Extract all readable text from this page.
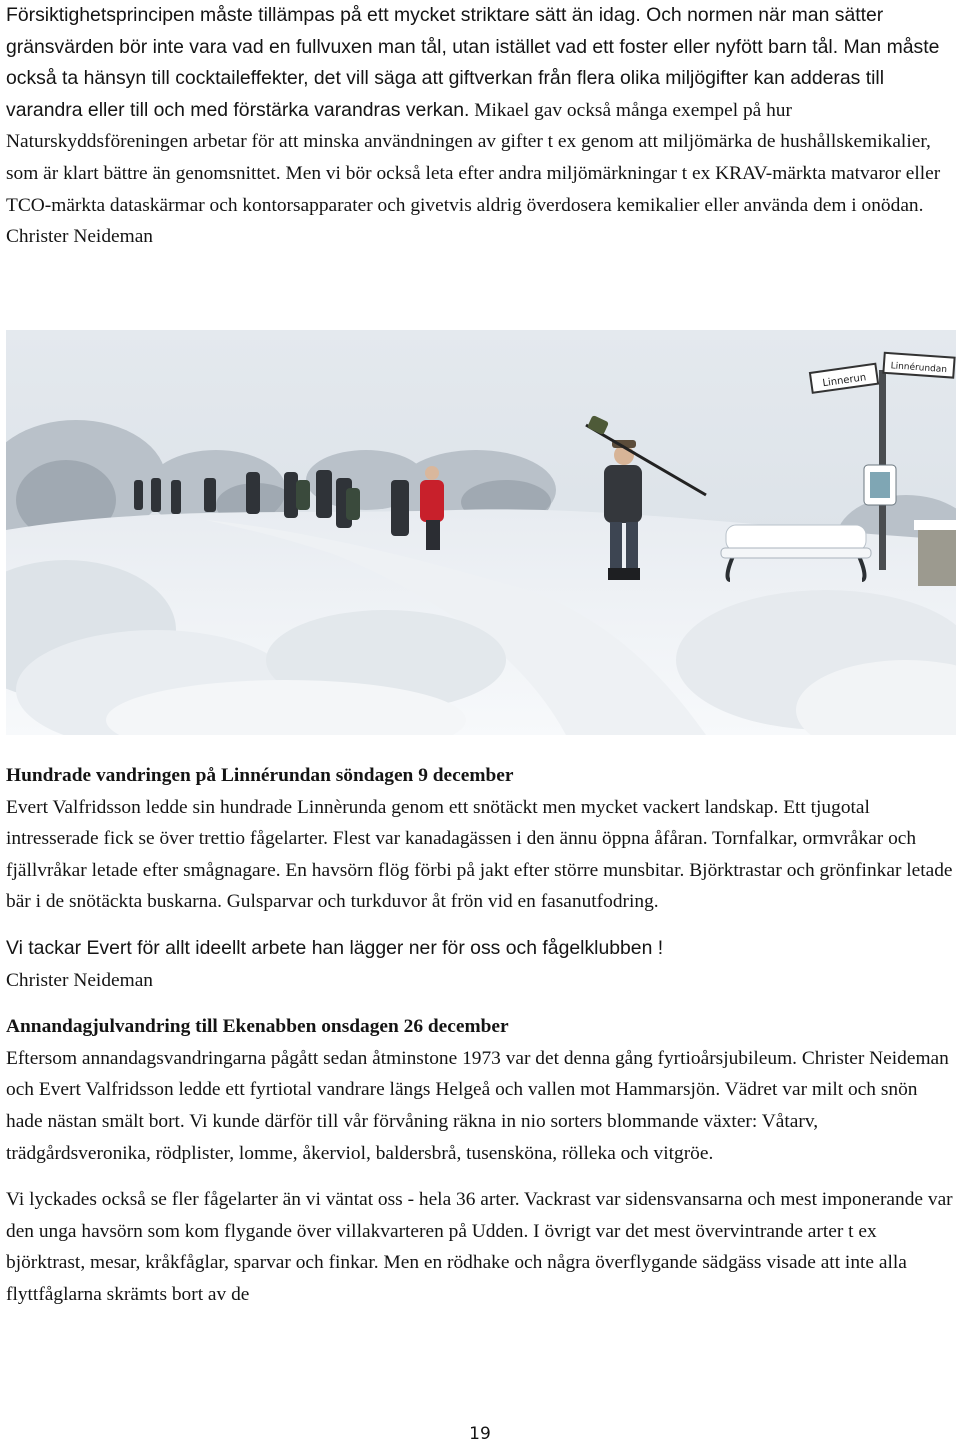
Försiktighetsprincipen måste tillämpas på ett mycket striktare sätt än idag. Och normen när man sätter gränsvärden bör inte vara vad en fullvuxen man tål, utan istället vad ett foster eller nyfött barn tål. Man måste också ta hänsyn till cocktaileffekter, det vill säga att giftverkan från flera olika miljögifter kan adderas till varandra eller till och med förstärka varandras verkan. Mikael gav också många exempel på hur Naturskyddsföreningen arbetar för att minska användningen av gifter t ex genom att miljömärka de hushållskemikalier, som är klart bättre än genomsnittet. Men vi bör också leta efter andra miljömärkningar t ex KRAV-märkta matvaror eller TCO-märkta dataskärmar och kontorsapparater och givetvis aldrig överdosera kemikalier eller använda dem i onödan.

Christer Neideman

Linnerun
Linnérundan

Hundrade vandringen på Linnérundan söndagen 9 december

Evert Valfridsson ledde sin hundrade Linnèrunda genom ett snötäckt men mycket vackert landskap. Ett tjugotal intresserade fick se över trettio fågelarter. Flest var kanadagässen i den ännu öppna åfåran. Tornfalkar, ormvråkar och fjällvråkar letade efter smågnagare. En havsörn flög förbi på jakt efter större munsbitar. Björktrastar och grönfinkar letade bär i de snötäckta buskarna. Gulsparvar och turkduvor åt frön vid en fasanutfodring.

Vi tackar Evert för allt ideellt arbete han lägger ner för oss och fågelklubben !

Christer Neideman

Annandagjulvandring till Ekenabben onsdagen 26 december

Eftersom annandagsvandringarna pågått sedan åtminstone 1973 var det denna gång fyrtioårsjubileum. Christer Neideman och Evert Valfridsson ledde ett fyrtiotal vandrare längs Helgeå och vallen mot Hammarsjön. Vädret var milt och snön hade nästan smält bort. Vi kunde därför till vår förvåning räkna in nio sorters blommande växter: Våtarv, trädgårdsveronika, rödplister, lomme, åkerviol, baldersbrå, tusensköna, rölleka och vitgröe.

Vi lyckades också se fler fågelarter än vi väntat oss - hela 36 arter. Vackrast var sidensvansarna och mest imponerande var den unga havsörn som kom flygande över villakvarteren på Udden. I övrigt var det mest övervintrande arter t ex björktrast, mesar, kråkfåglar, sparvar och finkar. Men en rödhake och några överflygande sädgäss visade att inte alla flyttfåglarna skrämts bort av de

19
